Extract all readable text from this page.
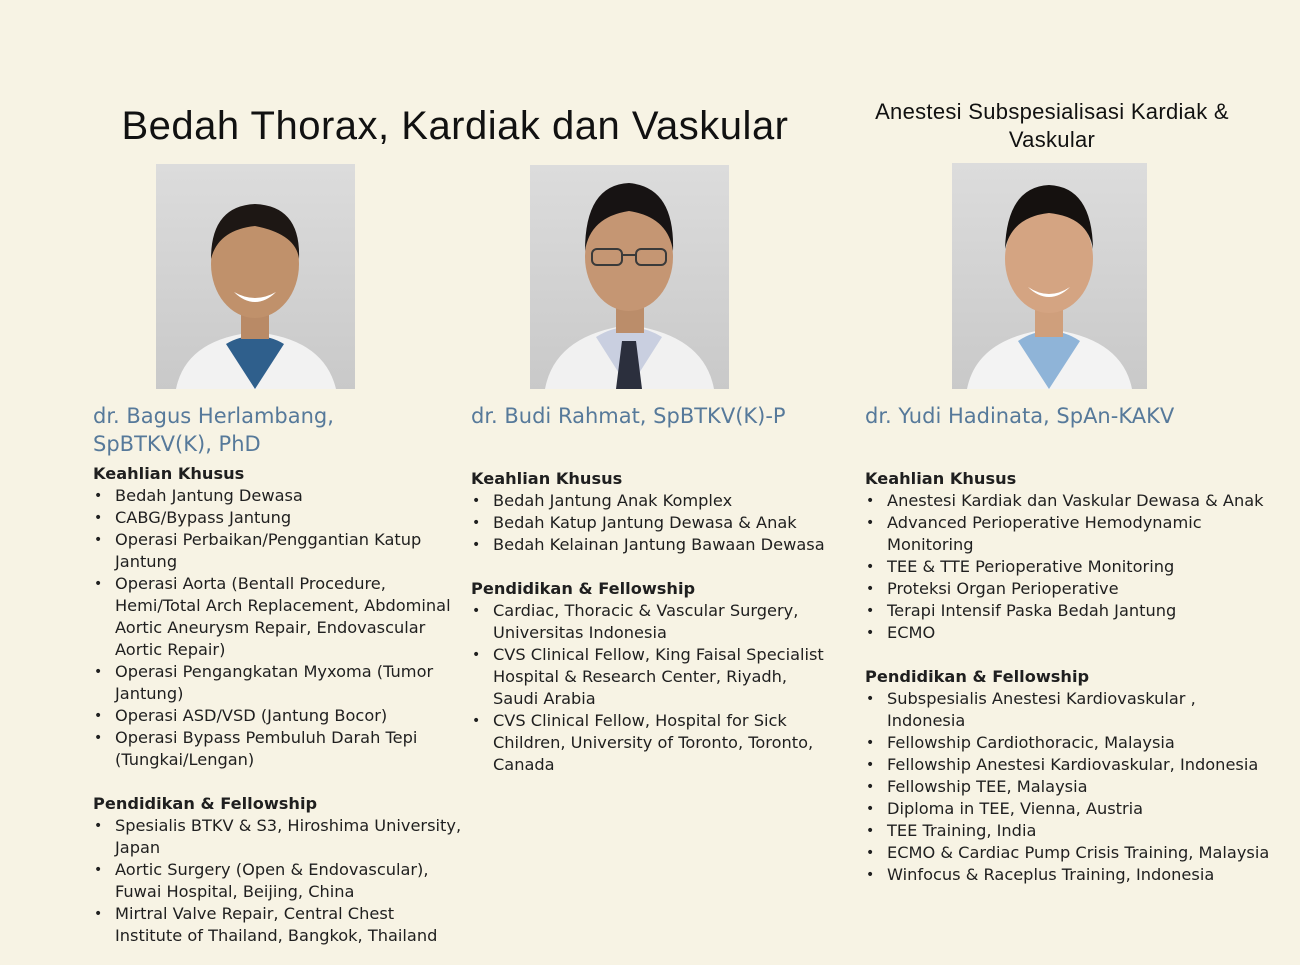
Bedah Thorax, Kardiak dan Vaskular	Anestesi Subspesialisasi Kardiak & Vaskular
dr. Bagus Herlambang, SpBTKV(K), PhD
Keahlian Khusus
• Bedah Jantung Dewasa
• CABG/Bypass Jantung
• Operasi Perbaikan/Penggantian Katup Jantung
• Operasi Aorta (Bentall Procedure, Hemi/Total Arch Replacement, Abdominal Aortic Aneurysm Repair, Endovascular Aortic Repair)
• Operasi Pengangkatan Myxoma (Tumor Jantung)
• Operasi ASD/VSD (Jantung Bocor)
• Operasi Bypass Pembuluh Darah Tepi (Tungkai/Lengan)
Pendidikan & Fellowship
• Spesialis BTKV & S3, Hiroshima University, Japan
• Aortic Surgery (Open & Endovascular), Fuwai Hospital, Beijing, China
• Mirtral Valve Repair, Central Chest Institute of Thailand, Bangkok, Thailand
dr. Budi Rahmat, SpBTKV(K)-P
Keahlian Khusus
• Bedah Jantung Anak Komplex
• Bedah Katup Jantung Dewasa & Anak
• Bedah Kelainan Jantung Bawaan Dewasa
Pendidikan & Fellowship
• Cardiac, Thoracic & Vascular Surgery, Universitas Indonesia
• CVS Clinical Fellow, King Faisal Specialist Hospital & Research Center, Riyadh, Saudi Arabia
• CVS Clinical Fellow, Hospital for Sick Children, University of Toronto, Toronto, Canada
dr. Yudi Hadinata, SpAn-KAKV
Keahlian Khusus
• Anestesi Kardiak dan Vaskular Dewasa & Anak
• Advanced Perioperative Hemodynamic Monitoring
• TEE & TTE Perioperative Monitoring
• Proteksi Organ Perioperative
• Terapi Intensif Paska Bedah Jantung
• ECMO
Pendidikan & Fellowship
• Subspesialis Anestesi Kardiovaskular , Indonesia
• Fellowship Cardiothoracic, Malaysia
• Fellowship Anestesi Kardiovaskular, Indonesia
• Fellowship TEE, Malaysia
• Diploma in TEE, Vienna, Austria
• TEE Training, India
• ECMO & Cardiac Pump Crisis Training, Malaysia
• Winfocus & Raceplus Training, Indonesia
